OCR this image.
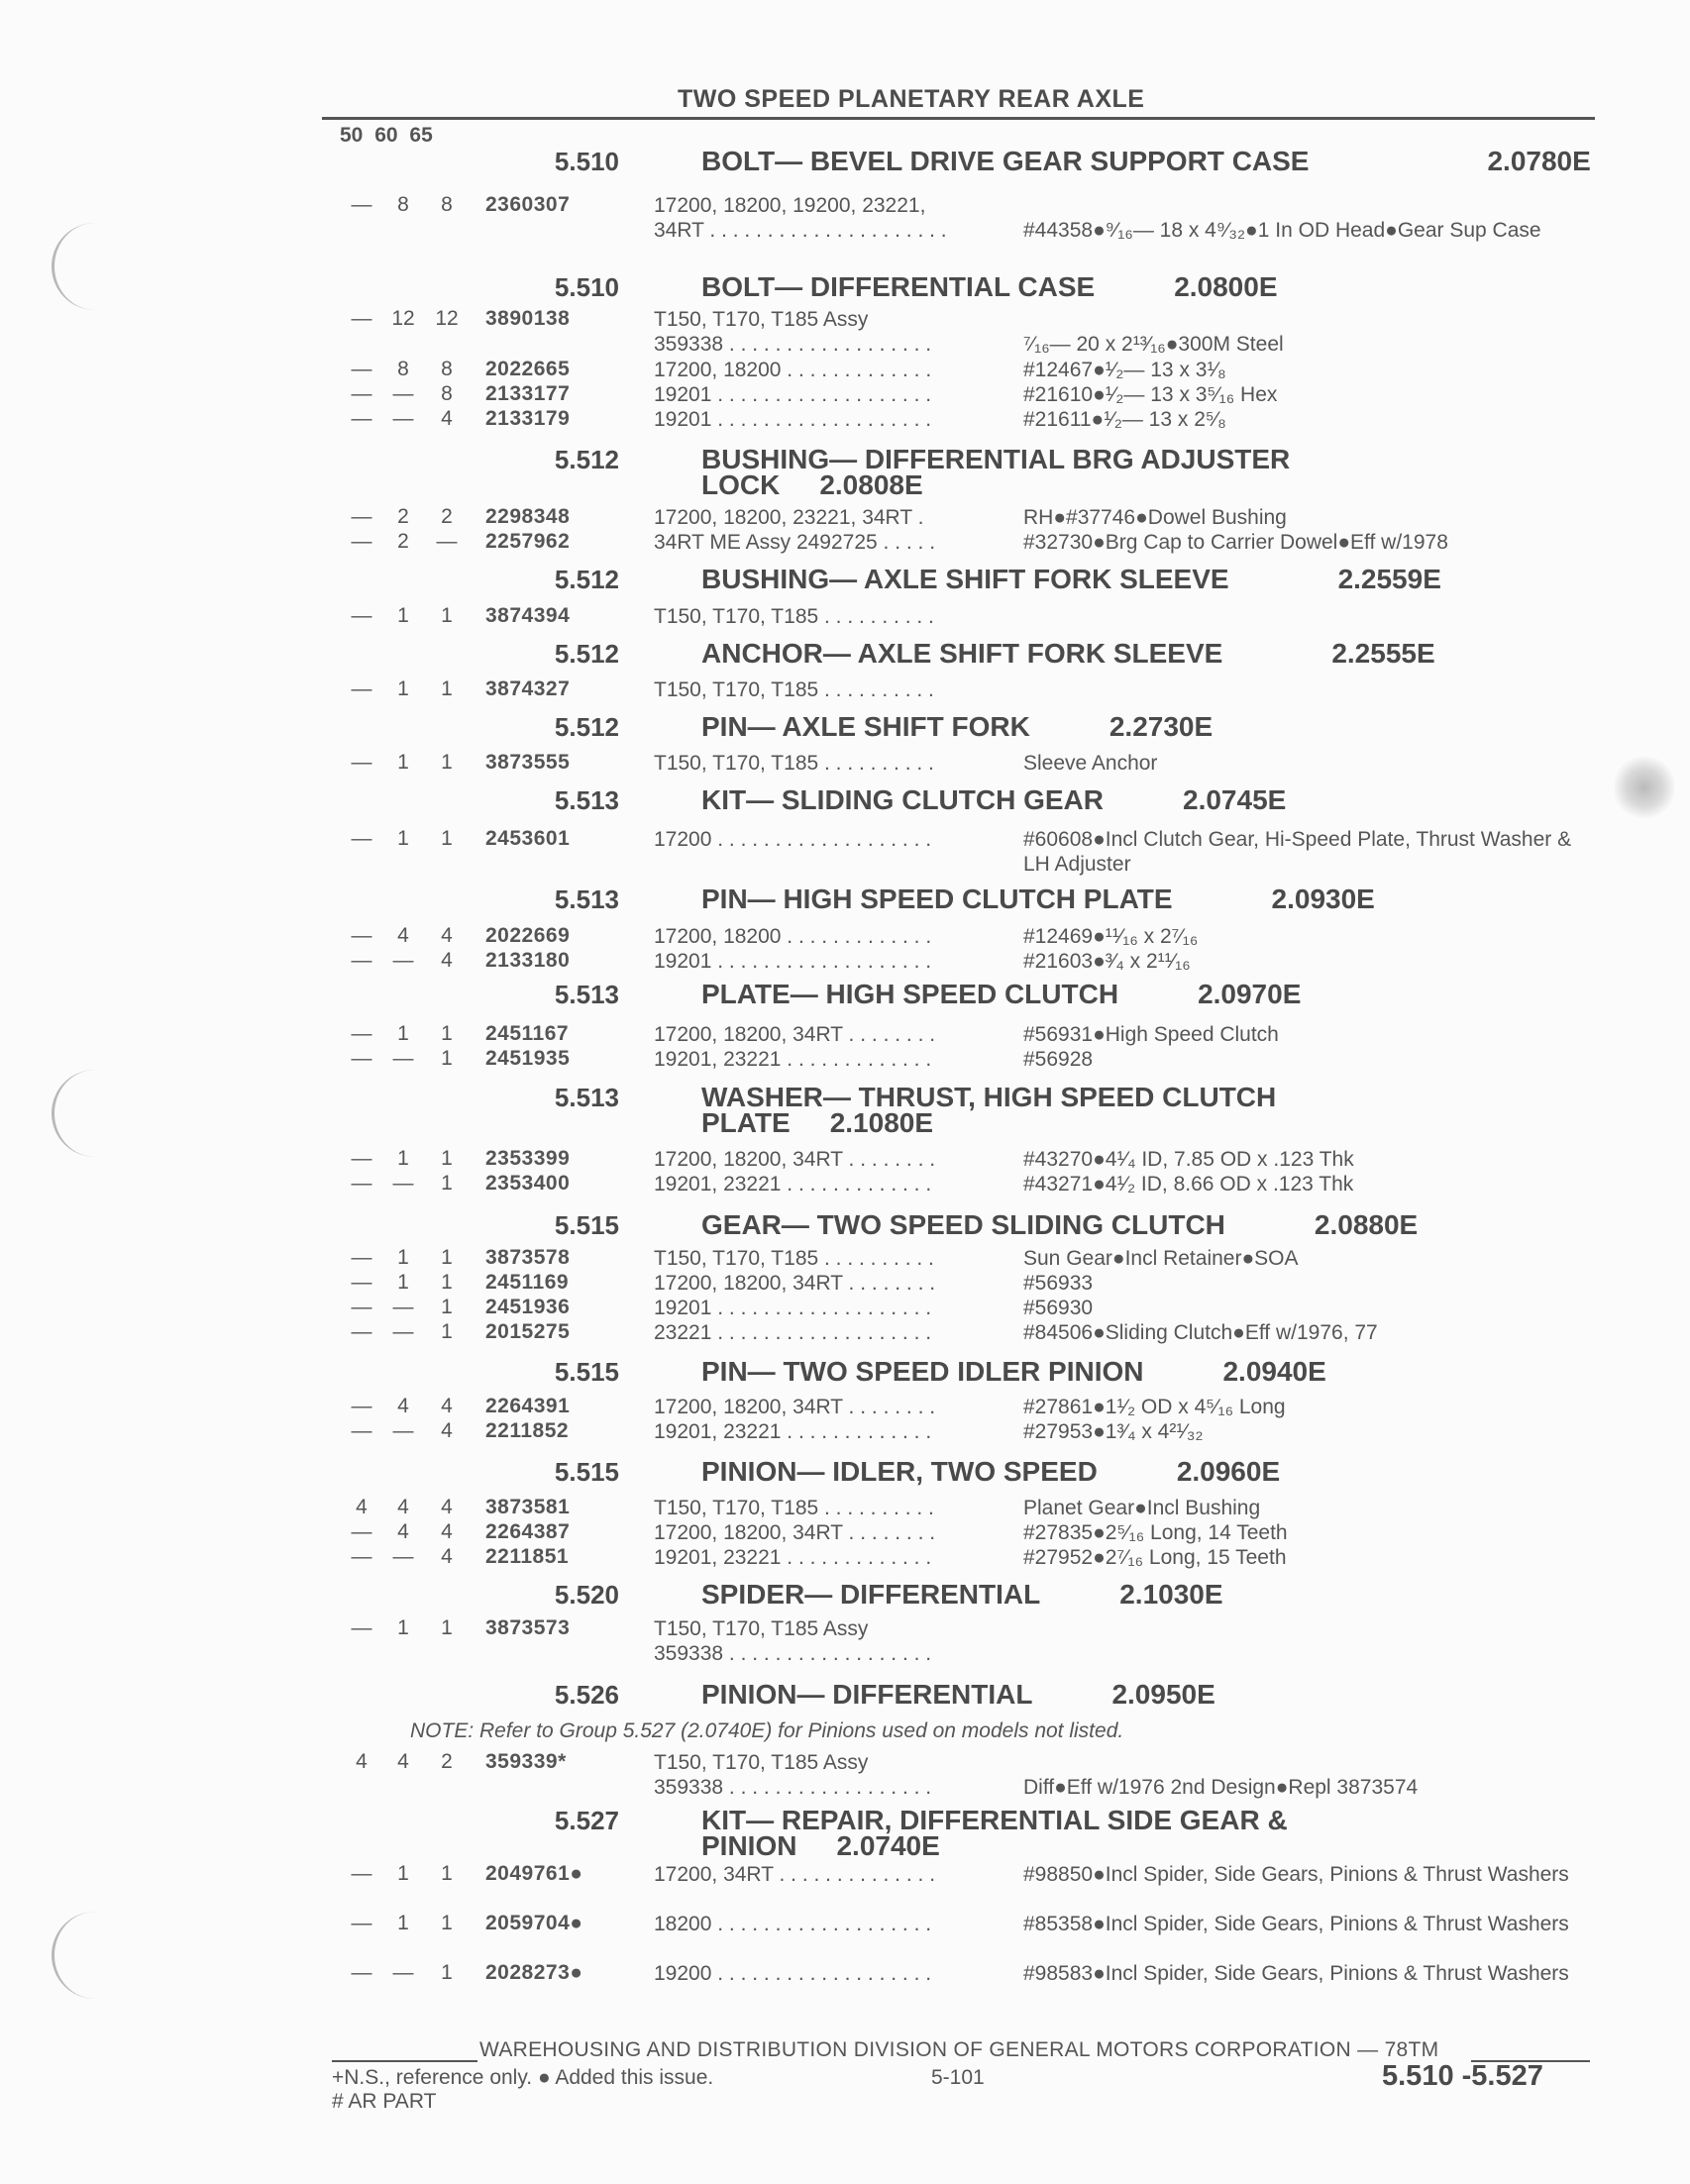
TWO SPEED PLANETARY REAR AXLE
50 60 65
5.510	BOLT— BEVEL DRIVE GEAR SUPPORT CASE	2.0780E
—	8	8	2360307	17200, 18200, 19200, 23221,
34RT . . . . . . . . . . . . . . . . . . . . .	#44358●⁹⁄₁₆— 18 x 4⁹⁄₃₂●1 In OD Head●Gear Sup Case
5.510	BOLT— DIFFERENTIAL CASE	2.0800E
— 12 12 3890138	T150, T170, T185 Assy
359338 . . . . . . . . . . . . . . . . . .	⁷⁄₁₆— 20 x 2¹³⁄₁₆●300M Steel
—	8	8	2022665	17200, 18200 . . . . . . . . . . . . .	#12467●¹⁄₂— 13 x 3¹⁄₈
— —	8	2133177	19201 . . . . . . . . . . . . . . . . . . .	#21610●¹⁄₂— 13 x 3⁵⁄₁₆ Hex
— —	4	2133179	19201 . . . . . . . . . . . . . . . . . . .	#21611●¹⁄₂— 13 x 2⁵⁄₈
5.512	BUSHING— DIFFERENTIAL BRG ADJUSTER
LOCK 2.0808E
—	2	2	2298348	17200, 18200, 23221, 34RT .	RH●#37746●Dowel Bushing
—	2	— 2257962	34RT ME Assy 2492725 . . . . .	#32730●Brg Cap to Carrier Dowel●Eff w/1978
5.512	BUSHING— AXLE SHIFT FORK SLEEVE	2.2559E
—	1	1	3874394	T150, T170, T185 . . . . . . . . . .
5.512	ANCHOR— AXLE SHIFT FORK SLEEVE	2.2555E
—	1	1	3874327	T150, T170, T185 . . . . . . . . . .
5.512	PIN— AXLE SHIFT FORK	2.2730E
—	1	1	3873555	T150, T170, T185 . . . . . . . . . .	Sleeve Anchor
5.513	KIT— SLIDING CLUTCH GEAR	2.0745E
—	1	1	2453601	17200 . . . . . . . . . . . . . . . . . . .	#60608●Incl Clutch Gear, Hi-Speed Plate, Thrust Washer & LH Adjuster
5.513	PIN— HIGH SPEED CLUTCH PLATE	2.0930E
—	4	4	2022669	17200, 18200 . . . . . . . . . . . . .	#12469●¹¹⁄₁₆ x 2⁷⁄₁₆
— —	4	2133180	19201 . . . . . . . . . . . . . . . . . . .	#21603●³⁄₄ x 2¹¹⁄₁₆
5.513	PLATE— HIGH SPEED CLUTCH	2.0970E
—	1	1	2451167	17200, 18200, 34RT . . . . . . . .	#56931●High Speed Clutch
— —	1	2451935	19201, 23221 . . . . . . . . . . . . .	#56928
5.513	WASHER— THRUST, HIGH SPEED CLUTCH
PLATE 2.1080E
—	1	1	2353399	17200, 18200, 34RT . . . . . . . .	#43270●4¹⁄₄ ID, 7.85 OD x .123 Thk
— —	1	2353400	19201, 23221 . . . . . . . . . . . . .	#43271●4¹⁄₂ ID, 8.66 OD x .123 Thk
5.515	GEAR— TWO SPEED SLIDING CLUTCH	2.0880E
—	1	1	3873578	T150, T170, T185 . . . . . . . . . .	Sun Gear●Incl Retainer●SOA
—	1	1	2451169	17200, 18200, 34RT . . . . . . . .	#56933
— —	1	2451936	19201 . . . . . . . . . . . . . . . . . . .	#56930
— —	1	2015275	23221 . . . . . . . . . . . . . . . . . . .	#84506●Sliding Clutch●Eff w/1976, 77
5.515	PIN— TWO SPEED IDLER PINION	2.0940E
—	4	4	2264391	17200, 18200, 34RT . . . . . . . .	#27861●1¹⁄₂ OD x 4⁵⁄₁₆ Long
— —	4	2211852	19201, 23221 . . . . . . . . . . . . .	#27953●1³⁄₄ x 4²¹⁄₃₂
5.515	PINION— IDLER, TWO SPEED	2.0960E
4	4	4	3873581	T150, T170, T185 . . . . . . . . . .	Planet Gear●Incl Bushing
—	4	4	2264387	17200, 18200, 34RT . . . . . . . .	#27835●2⁵⁄₁₆ Long, 14 Teeth
— —	4	2211851	19201, 23221 . . . . . . . . . . . . .	#27952●2⁷⁄₁₆ Long, 15 Teeth
5.520	SPIDER— DIFFERENTIAL	2.1030E
—	1	1	3873573	T150, T170, T185 Assy
359338 . . . . . . . . . . . . . . . . . .
5.526	PINION— DIFFERENTIAL	2.0950E
4	4	2	359339*	T150, T170, T185 Assy
359338 . . . . . . . . . . . . . . . . . .	Diff●Eff w/1976 2nd Design●Repl 3873574
5.527	KIT— REPAIR, DIFFERENTIAL SIDE GEAR &
PINION 2.0740E
—	1	1	2049761●	17200, 34RT . . . . . . . . . . . . . .	#98850●Incl Spider, Side Gears, Pinions & Thrust Washers
—	1	1	2059704●	18200 . . . . . . . . . . . . . . . . . . .	#85358●Incl Spider, Side Gears, Pinions & Thrust Washers
— —	1	2028273●	19200 . . . . . . . . . . . . . . . . . . .	#98583●Incl Spider, Side Gears, Pinions & Thrust Washers
NOTE: Refer to Group 5.527 (2.0740E) for Pinions used on models not listed.
WAREHOUSING AND DISTRIBUTION DIVISION OF GENERAL MOTORS CORPORATION — 78TM
+N.S., reference only. ● Added this issue.
# AR PART
5-101	5.510 -5.527
